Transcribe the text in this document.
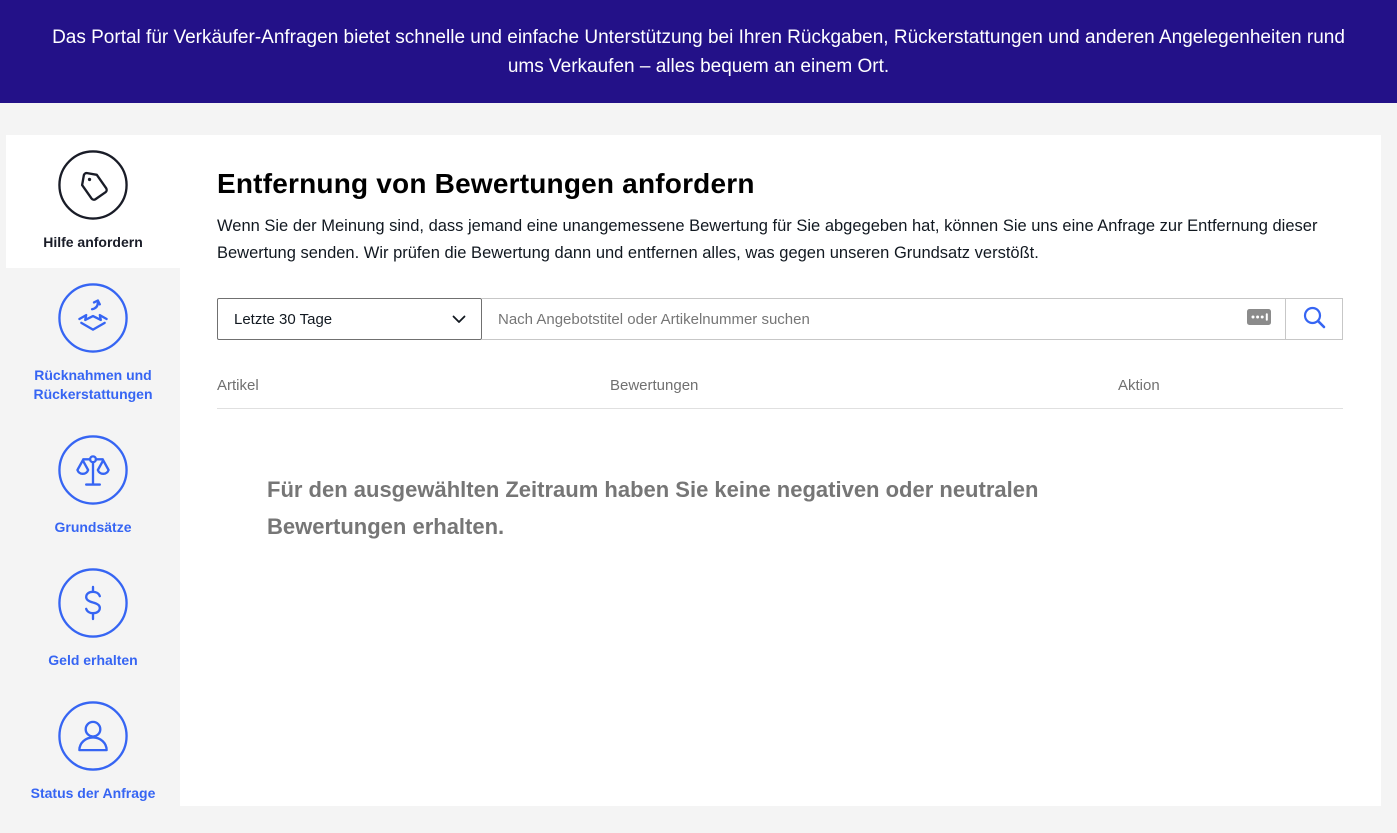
Das Portal für Verkäufer-Anfragen bietet schnelle und einfache Unterstützung bei Ihren Rückgaben, Rückerstattungen und anderen Angelegenheiten rund ums Verkaufen – alles bequem an einem Ort.

Hilfe anfordern
Rücknahmen und Rückerstattungen
Grundsätze
Geld erhalten
Status der Anfrage
Entfernung von Bewertungen anfordern

Wenn Sie der Meinung sind, dass jemand eine unangemessene Bewertung für Sie abgegeben hat, können Sie uns eine Anfrage zur Entfernung dieser Bewertung senden. Wir prüfen die Bewertung dann und entfernen alles, was gegen unseren Grundsatz verstößt.

Letzte 30 Tage
Nach Angebotstitel oder Artikelnummer suchen
Artikel	Bewertungen	Aktion
Für den ausgewählten Zeitraum haben Sie keine negativen oder neutralen Bewertungen erhalten.
